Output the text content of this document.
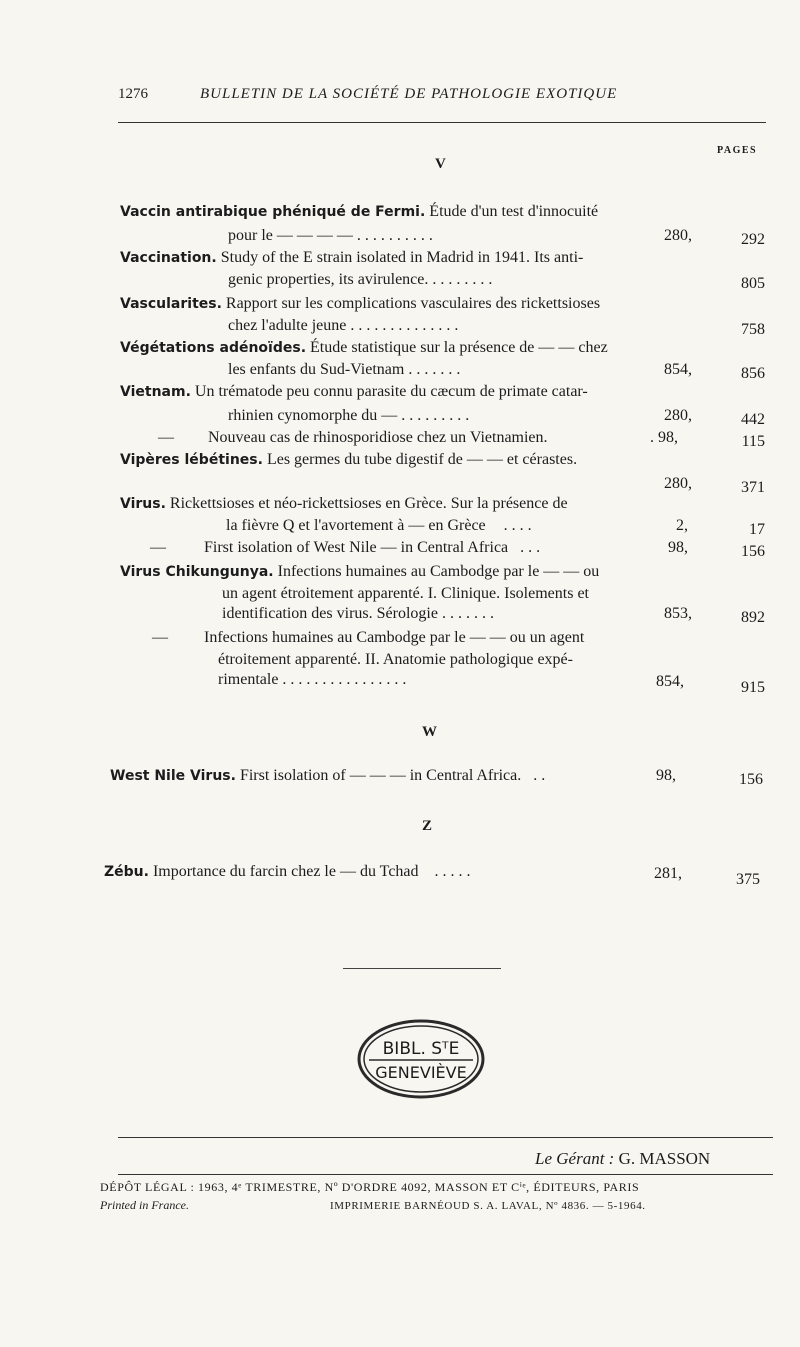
1276	BULLETIN DE LA SOCIÉTÉ DE PATHOLOGIE EXOTIQUE
PAGES
V
Vaccin antirabique phéniqué de Fermi. Étude d'un test d'innocuité
pour le — — — — . . . . . . . . . .	280,	292
Vaccination. Study of the E strain isolated in Madrid in 1941. Its anti-
genic properties, its avirulence. . . . . . . . .	805
Vascularites. Rapport sur les complications vasculaires des rickettsioses
chez l'adulte jeune . . . . . . . . . . . . . .	758
Végétations adénoïdes. Étude statistique sur la présence de — — chez
les enfants du Sud-Vietnam . . . . . . .	854,	856
Vietnam. Un trématode peu connu parasite du cæcum de primate catar-
rhinien cynomorphe du — . . . . . . . . .	280,	442
— Nouveau cas de rhinosporidiose chez un Vietnamien.	. 98,	115
Vipères lébétines. Les germes du tube digestif de — — et cérastes.
280,	371
Virus. Rickettsioses et néo-rickettsioses en Grèce. Sur la présence de
la fièvre Q et l'avortement à — en Grèce . . . .	2,	17
— First isolation of West Nile — in Central Africa . . .	98,	156
Virus Chikungunya. Infections humaines au Cambodge par le — — ou
un agent étroitement apparenté. I. Clinique. Isolements et
identification des virus. Sérologie . . . . . . .	853,	892
— Infections humaines au Cambodge par le — — ou un agent
étroitement apparenté. II. Anatomie pathologique expé-
rimentale . . . . . . . . . . . . . . . .	854,	915
W
West Nile Virus. First isolation of — — — in Central Africa. . .	98,	156
Z
Zébu. Importance du farcin chez le — du Tchad . . . . .	281,	375
BIBL. SᵀE
GENEVIÈVE
Le Gérant : G. MASSON
DÉPÔT LÉGAL : 1963, 4ᵉ TRIMESTRE, Nº D'ORDRE 4092, MASSON ET Cⁱᵉ, ÉDITEURS, PARIS
Printed in France.	IMPRIMERIE BARNÉOUD S. A. LAVAL, Nº 4836. — 5-1964.
